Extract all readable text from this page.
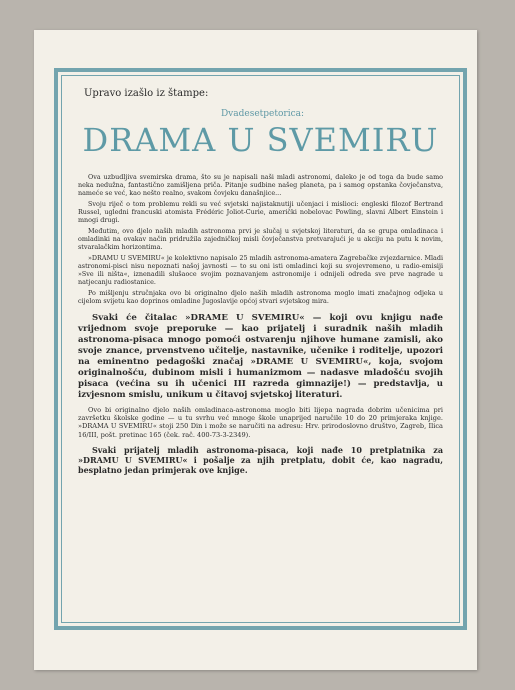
Upravo izašlo iz štampe:

Dvadesetpetorica:

DRAMA U SVEMIRU

Ova uzbudljiva svemirska drama, što su je napisali naši mladi astronomi, daleko je od toga da bude samo neka nedužna, fantastično zamišljena priča. Pitanje sudbine našeg planeta, pa i samog opstanka čovječanstva, nameće se već, kao nešto realno, svakom čovjeku današnjice...

Svoju riječ o tom problemu rekli su već svjetski najistaknutiji učenjaci i mislioci: engleski filozof Bertrand Russel, ugledni francuski atomista Frédéric Joliot-Curie, američki nobelovac Powling, slavni Albert Einstein i mnogi drugi.

Međutim, ovo djelo naših mladih astronoma prvi je slučaj u svjetskoj literaturi, da se grupa omladinaca i omladinki na ovakav način pridružila zajedničkoj misli čovječanstva pretvarajući je u akciju na putu k novim, stvaralačkim horizontima.

»DRAMU U SVEMIRU« je kolektivno napisalo 25 mladih astronoma-amatera Zagrebačke zvjezdarnice. Mladi astronomi-pisci nisu nepoznati našoj javnosti — to su oni isti omladinci koji su svojevremeno, u radio-emisiji »Sve ili ništa«, iznenadili slušaoce svojim poznavanjem astronomije i odnijeli odreda sve prve nagrade u natjecanju radiostanice.

Po mišljenju stručnjaka ovo bi originalno djelo naših mladih astronoma moglo imati značajnog odjeka u cijelom svijetu kao doprinos omladine Jugoslavije općoj stvari svjetskog mira.

Svaki će čitalac »DRAME U SVEMIRU« — koji ovu knjigu nađe vrijednom svoje preporuke — kao prijatelj i suradnik naših mladih astronoma-pisaca mnogo pomoći ostvarenju njihove humane zamisli, ako svoje znance, prvenstveno učitelje, nastavnike, učenike i roditelje, upozori na eminentno pedagoški značaj »DRAME U SVEMIRU«, koja, svojom originalnošću, dubinom misli i humanizmom — nadasve mladošću svojih pisaca (većina su ih učenici III razreda gimnazije!) — predstavlja, u izvjesnom smislu, unikum u čitavoj svjetskoj literaturi.

Ovo bi originalno djelo naših omladinaca-astronoma moglo biti lijepa nagrada dobrim učenicima pri završetku školske godine — u tu svrhu već mnoge škole unaprijed naručile 10 do 20 primjeraka knjige. »DRAMA U SVEMIRU« stoji 250 Din i može se naručiti na adresu: Hrv. prirodoslovno društvo, Zagreb, Ilica 16/III, pošt. pretinac 165 (ček. rač. 400-73-3-2349).

Svaki prijatelj mladih astronoma-pisaca, koji nađe 10 pretplatnika za »DRAMU U SVEMIRU« i pošalje za njih pretplatu, dobit će, kao nagradu, besplatno jedan primjerak ove knjige.
